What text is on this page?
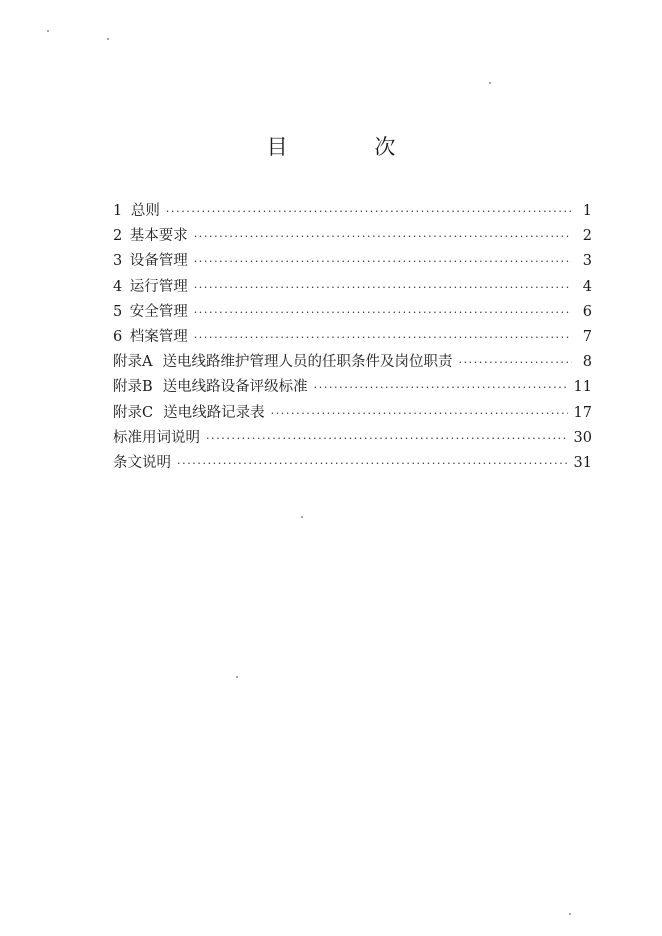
目 次
1 总则 ·····	1
2 基本要求 ·····	2
3 设备管理 ·····	3
4 运行管理 ·····	4
5 安全管理 ·····	6
6 档案管理 ·····	7
附录A 送电线路维护管理人员的任职条件及岗位职责 ·····	8
附录B 送电线路设备评级标准 ·····	11
附录C 送电线路记录表 ·····	17
标准用词说明 ·····	30
条文说明 ·····	31
